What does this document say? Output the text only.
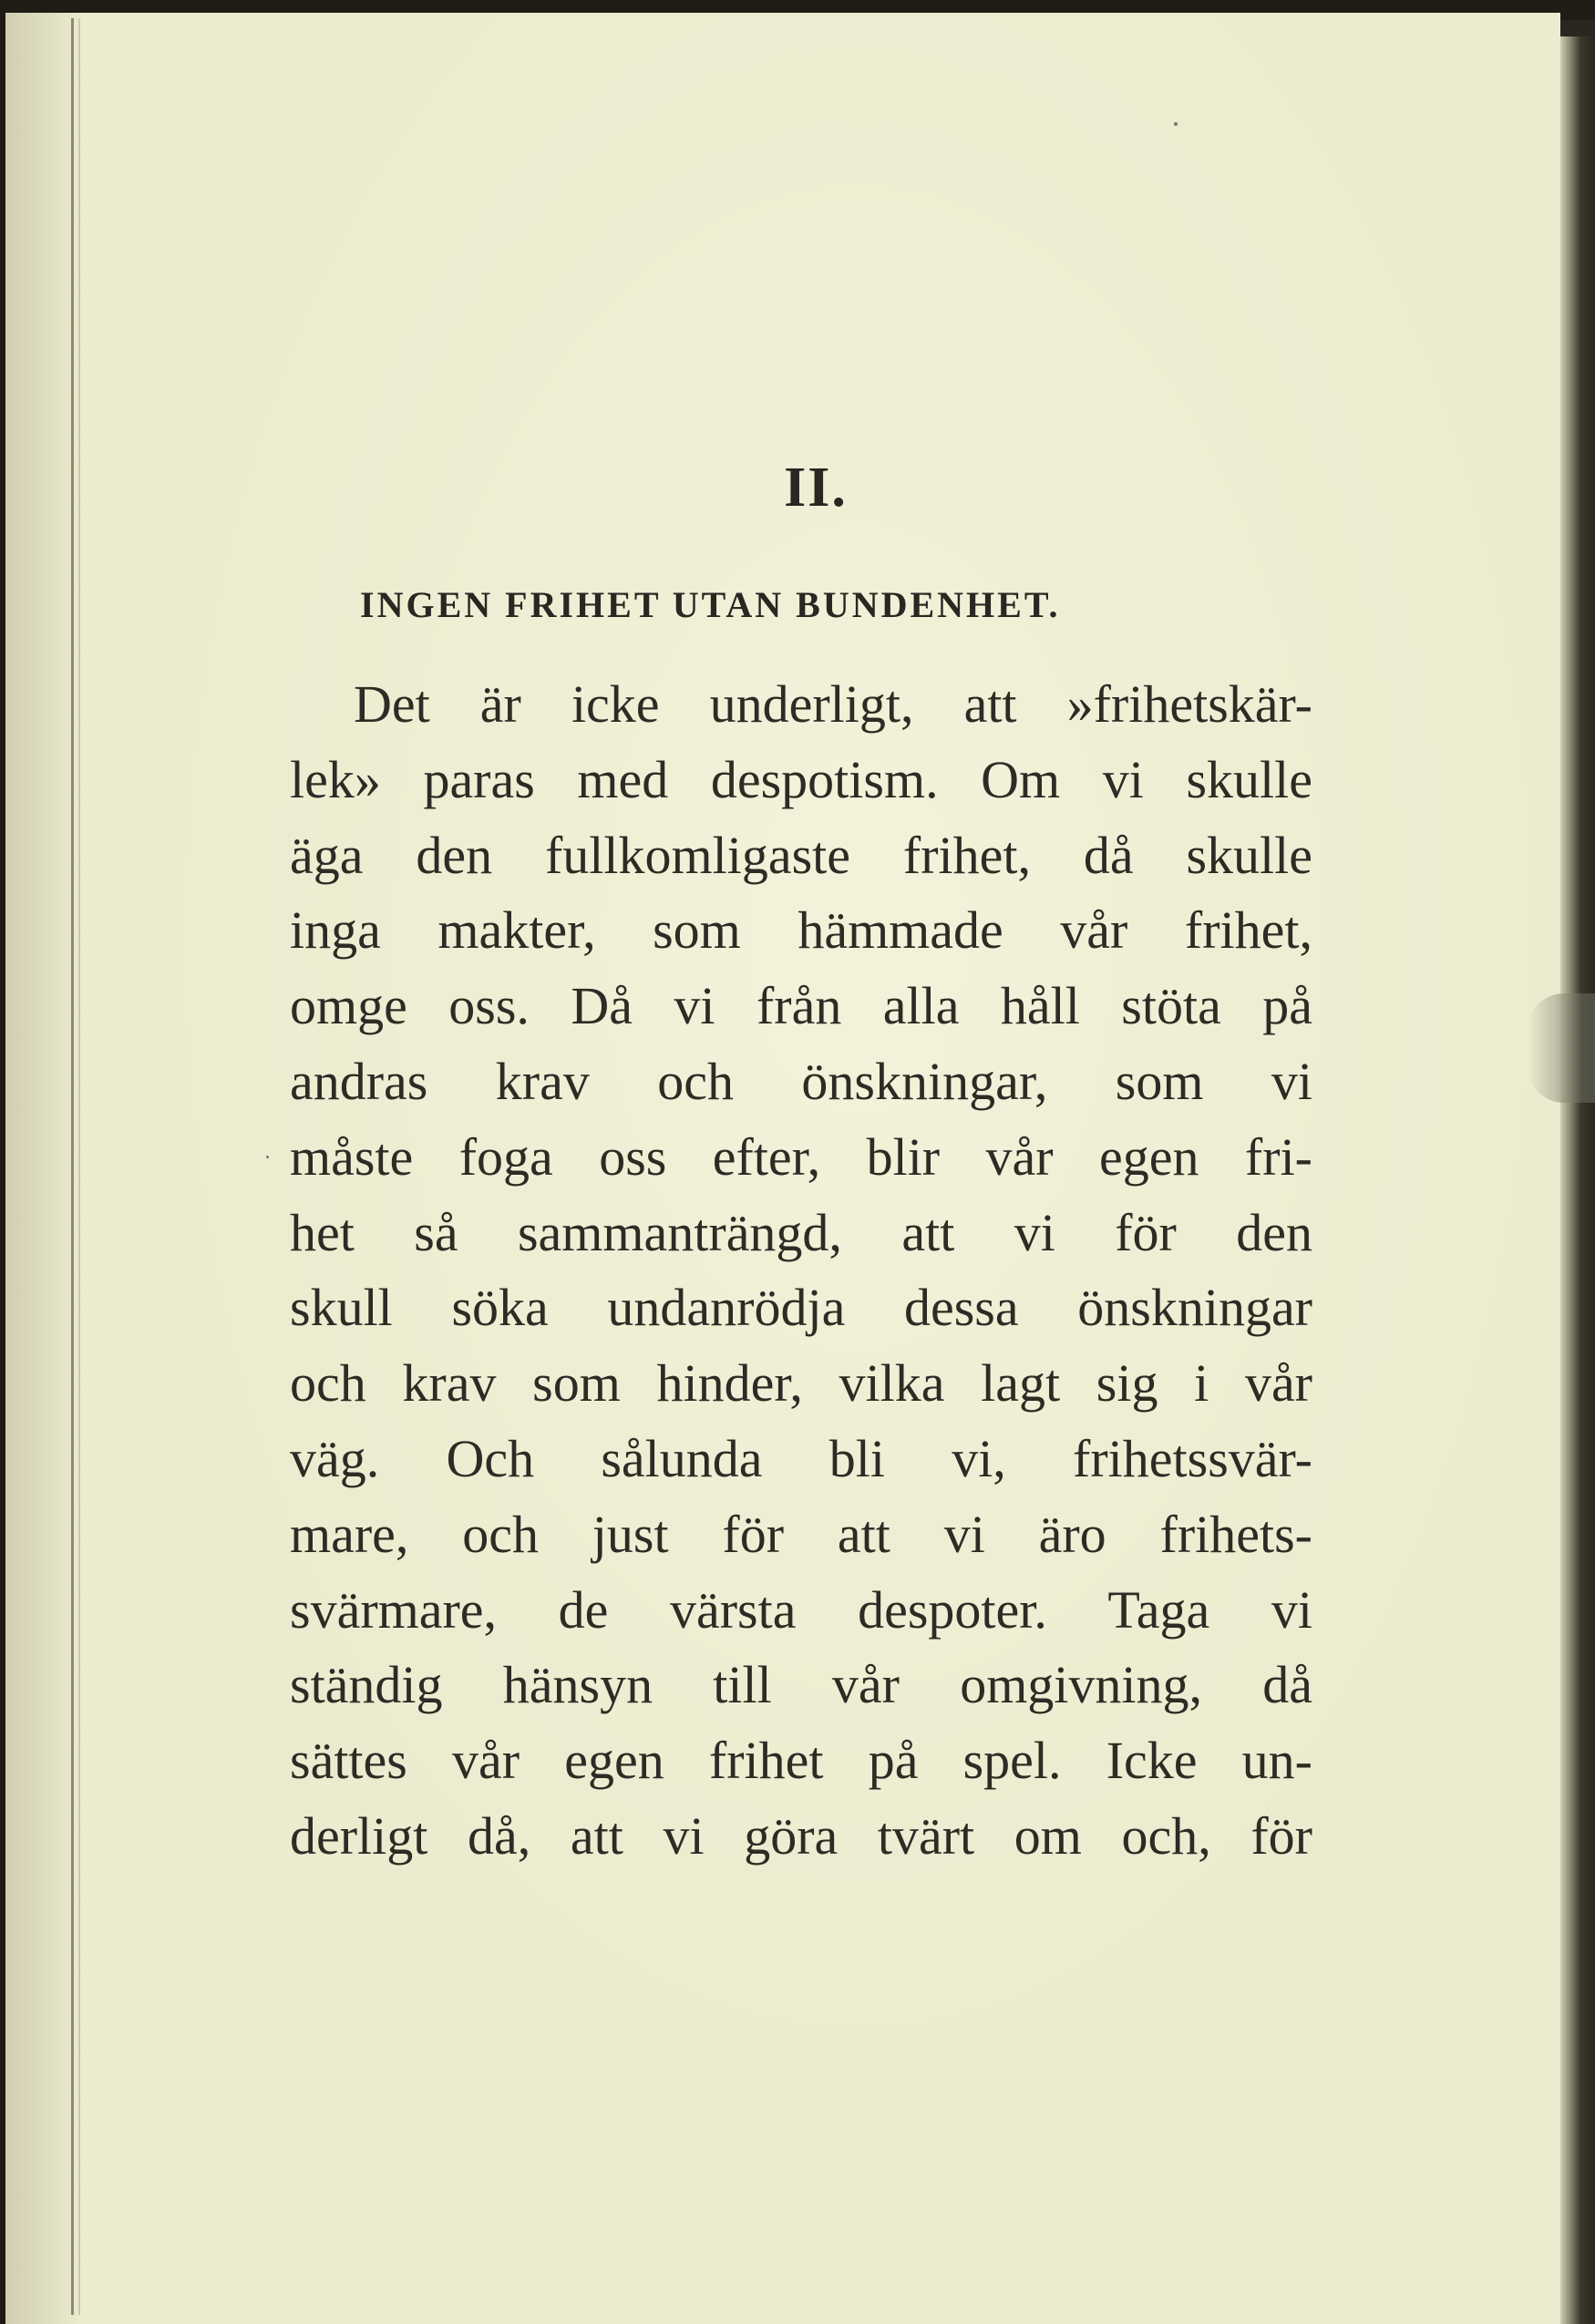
II.
INGEN FRIHET UTAN BUNDENHET.
Det är icke underligt, att »frihetskär-
lek» paras med despotism. Om vi skulle
äga den fullkomligaste frihet, då skulle
inga makter, som hämmade vår frihet,
omge oss. Då vi från alla håll stöta på
andras krav och önskningar, som vi
måste foga oss efter, blir vår egen fri-
het så sammanträngd, att vi för den
skull söka undanrödja dessa önskningar
och krav som hinder, vilka lagt sig i vår
väg. Och sålunda bli vi, frihetssvär-
mare, och just för att vi äro frihets-
svärmare, de värsta despoter. Taga vi
ständig hänsyn till vår omgivning, då
sättes vår egen frihet på spel. Icke un-
derligt då, att vi göra tvärt om och, för
